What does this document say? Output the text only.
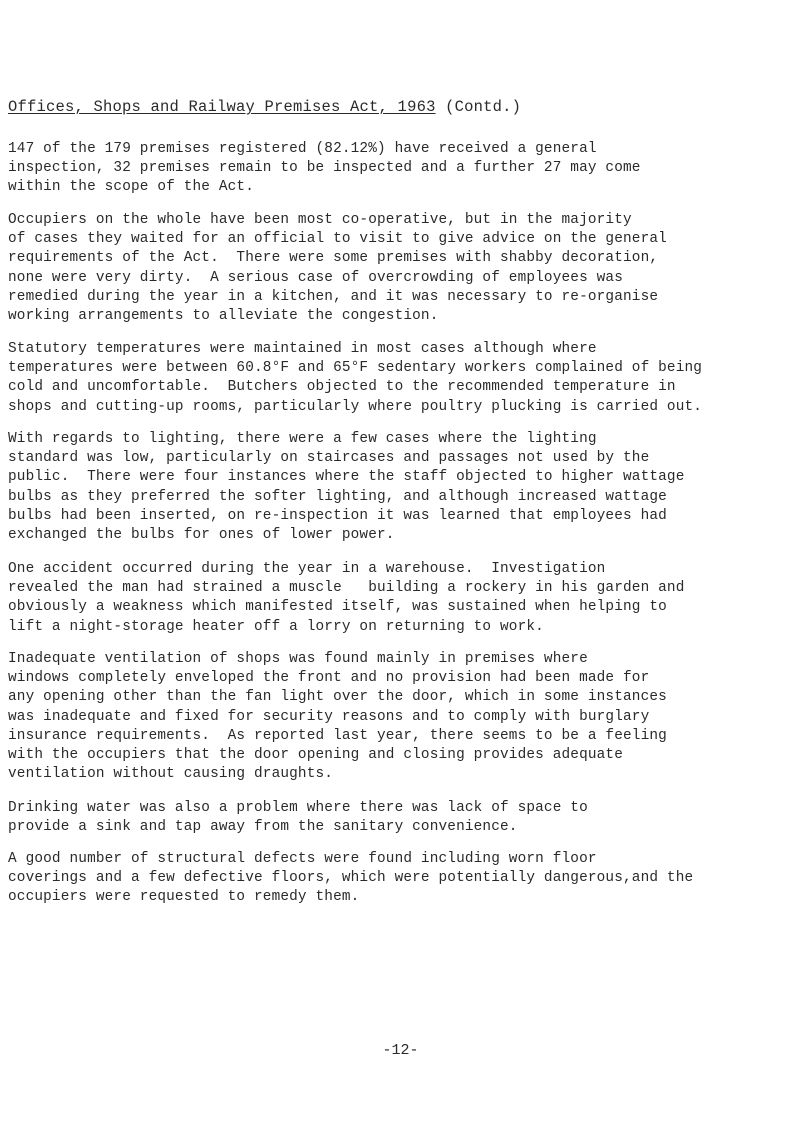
Offices, Shops and Railway Premises Act, 1963 (Contd.)

147 of the 179 premises registered (82.12%) have received a general
inspection, 32 premises remain to be inspected and a further 27 may come
within the scope of the Act.

Occupiers on the whole have been most co-operative, but in the majority
of cases they waited for an official to visit to give advice on the general
requirements of the Act.  There were some premises with shabby decoration,
none were very dirty.  A serious case of overcrowding of employees was
remedied during the year in a kitchen, and it was necessary to re-organise
working arrangements to alleviate the congestion.

Statutory temperatures were maintained in most cases although where
temperatures were between 60.8°F and 65°F sedentary workers complained of being
cold and uncomfortable.  Butchers objected to the recommended temperature in
shops and cutting-up rooms, particularly where poultry plucking is carried out.

With regards to lighting, there were a few cases where the lighting
standard was low, particularly on staircases and passages not used by the
public.  There were four instances where the staff objected to higher wattage
bulbs as they preferred the softer lighting, and although increased wattage
bulbs had been inserted, on re-inspection it was learned that employees had
exchanged the bulbs for ones of lower power.

One accident occurred during the year in a warehouse.  Investigation
revealed the man had strained a muscle   building a rockery in his garden and
obviously a weakness which manifested itself, was sustained when helping to
lift a night-storage heater off a lorry on returning to work.

Inadequate ventilation of shops was found mainly in premises where
windows completely enveloped the front and no provision had been made for
any opening other than the fan light over the door, which in some instances
was inadequate and fixed for security reasons and to comply with burglary
insurance requirements.  As reported last year, there seems to be a feeling
with the occupiers that the door opening and closing provides adequate
ventilation without causing draughts.

Drinking water was also a problem where there was lack of space to
provide a sink and tap away from the sanitary convenience.

A good number of structural defects were found including worn floor
coverings and a few defective floors, which were potentially dangerous,and the
occupiers were requested to remedy them.

-12-
